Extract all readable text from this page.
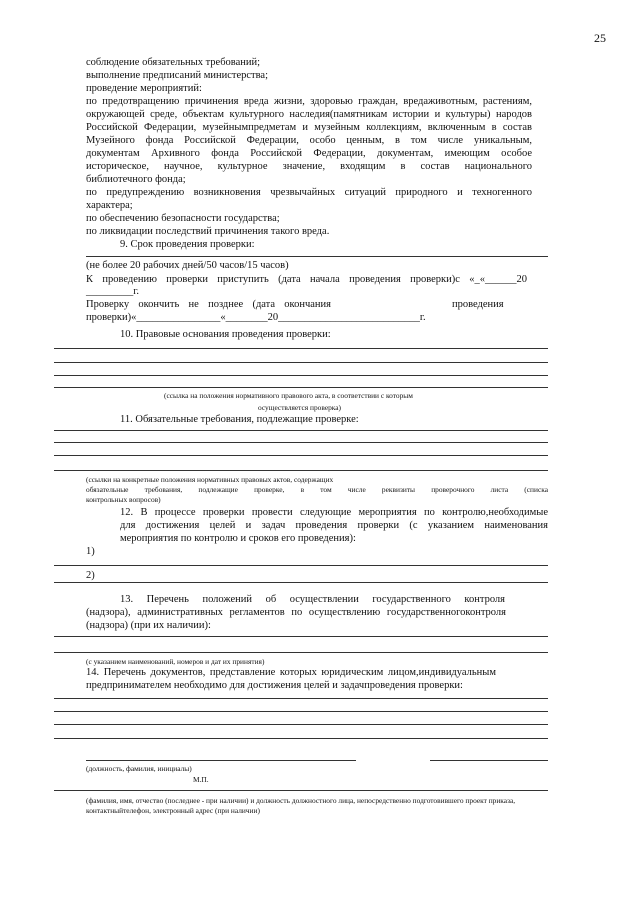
25
соблюдение обязательных требований;
выполнение предписаний министерства;
проведение мероприятий:
по предотвращению причинения вреда жизни, здоровью граждан, вредаживотным, растениям,
окружающей среде, объектам культурного наследия(памятникам истории и культуры) народов
Российской Федерации, музейнымпредметам и музейным коллекциям, включенным в состав
Музейного фонда Российской Федерации, особо ценным, в том числе уникальным,
документам Архивного фонда Российской Федерации, документам, имеющим особое
историческое, научное, культурное значение, входящим в состав национального
библиотечного фонда;
по предупреждению возникновения чрезвычайных ситуаций природного и техногенного
характера;
по обеспечению безопасности государства;
по ликвидации последствий причинения такого вреда.
9. Срок проведения проверки:
(не более 20 рабочих дней/50 часов/15 часов)
К проведению проверки приступить (дата начала проведения проверки)с «_«______20
_________г.
Проверку окончить не позднее (дата окончания	проведения
проверки)«________________«________20___________________________г.
10. Правовые основания проведения проверки:
(ссылка на положения нормативного правового акта, в соответствии с которым
осуществляется проверка)
11. Обязательные требования, подлежащие проверке:
(ссылки на конкретные положения нормативных правовых актов, содержащих
обязательные требования, подлежащие проверке, в том числе реквизиты проверочного листа (списка
контрольных вопросов)
12. В процессе проверки провести следующие мероприятия по контролю,необходимые
для достижения целей и задач проведения проверки (с указанием наименования
мероприятия по контролю и сроков его проведения):
1)
2)
13. Перечень положений об осуществлении государственного контроля
(надзора), административных регламентов по осуществлению государственногоконтроля
(надзора) (при их наличии):
(с указанием наименований, номеров и дат их принятия)
14. Перечень документов, представление которых юридическим лицом,индивидуальным
предпринимателем необходимо для достижения целей и задачпроведения проверки:
(должность, фамилия, инициалы)
М.П.
(фамилия, имя, отчество (последнее - при наличии) и должность должностного лица, непосредственно подготовившего проект приказа,
контактныйтелефон, электронный адрес (при наличии)
